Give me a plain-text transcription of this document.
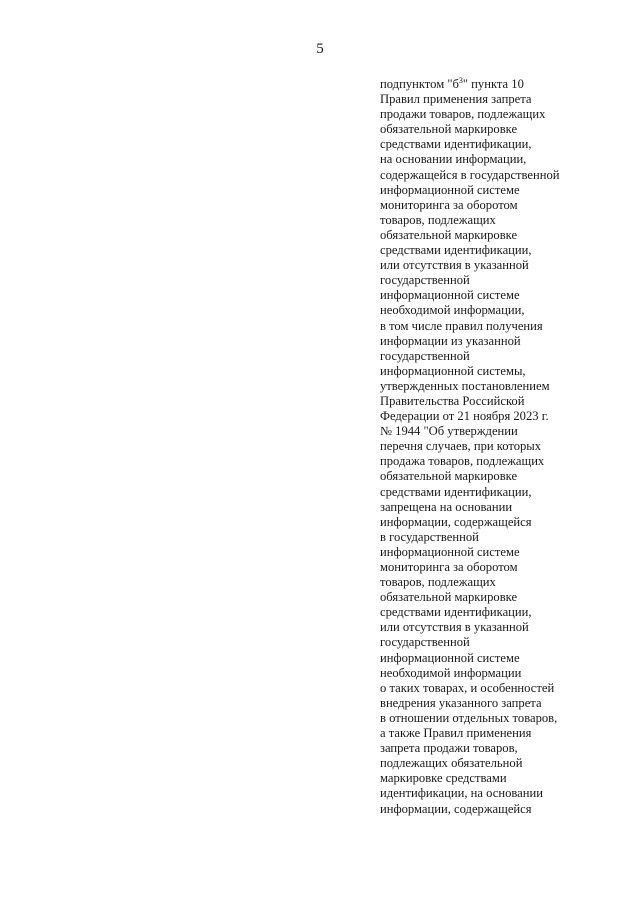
5
подпунктом "$б^3$" пункта 10
Правил применения запрета
продажи товаров, подлежащих
обязательной маркировке
средствами идентификации,
на основании информации,
содержащейся в государственной
информационной системе
мониторинга за оборотом
товаров, подлежащих
обязательной маркировке
средствами идентификации,
или отсутствия в указанной
государственной
информационной системе
необходимой информации,
в том числе правил получения
информации из указанной
государственной
информационной системы,
утвержденных постановлением
Правительства Российской
Федерации от 21 ноября 2023 г.
№ 1944 "Об утверждении
перечня случаев, при которых
продажа товаров, подлежащих
обязательной маркировке
средствами идентификации,
запрещена на основании
информации, содержащейся
в государственной
информационной системе
мониторинга за оборотом
товаров, подлежащих
обязательной маркировке
средствами идентификации,
или отсутствия в указанной
государственной
информационной системе
необходимой информации
о таких товарах, и особенностей
внедрения указанного запрета
в отношении отдельных товаров,
а также Правил применения
запрета продажи товаров,
подлежащих обязательной
маркировке средствами
идентификации, на основании
информации, содержащейся
